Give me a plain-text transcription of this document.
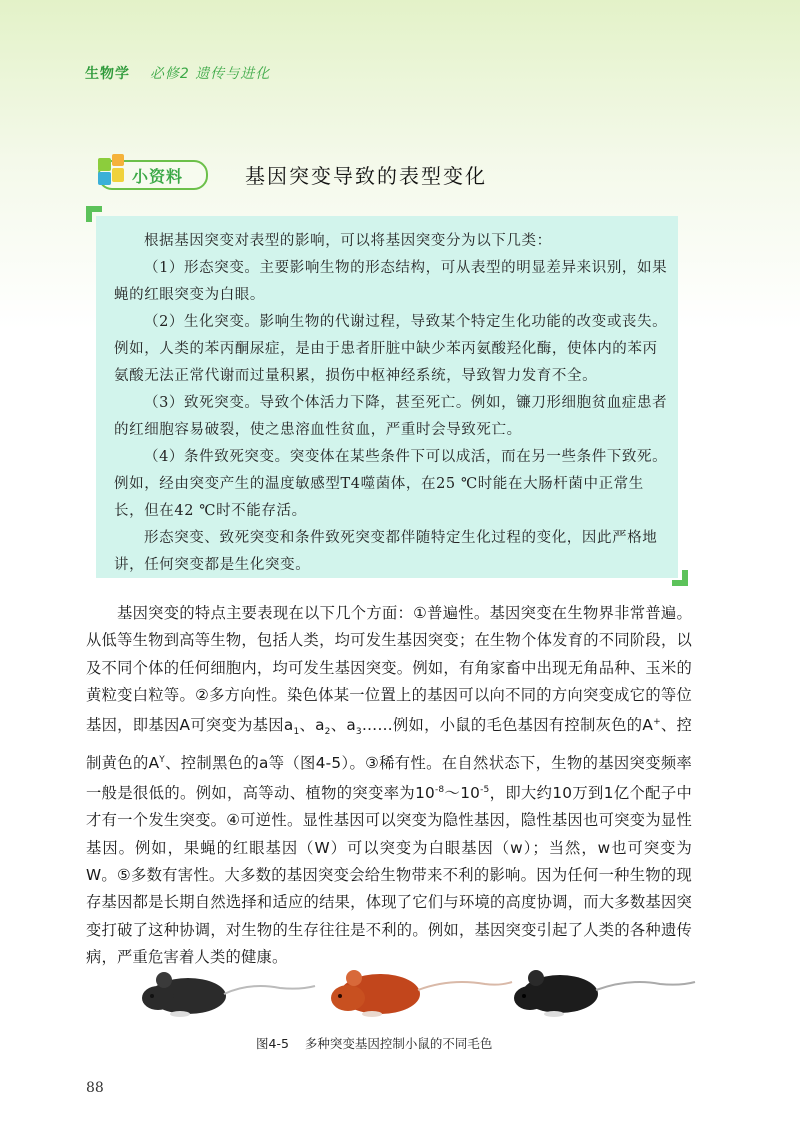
生物学 必修2 遗传与进化
小资料	基因突变导致的表型变化

根据基因突变对表型的影响，可以将基因突变分为以下几类：

（1）形态突变。主要影响生物的形态结构，可从表型的明显差异来识别，如果蝇的红眼突变为白眼。

（2）生化突变。影响生物的代谢过程，导致某个特定生化功能的改变或丧失。例如，人类的苯丙酮尿症，是由于患者肝脏中缺少苯丙氨酸羟化酶，使体内的苯丙氨酸无法正常代谢而过量积累，损伤中枢神经系统，导致智力发育不全。

（3）致死突变。导致个体活力下降，甚至死亡。例如，镰刀形细胞贫血症患者的红细胞容易破裂，使之患溶血性贫血，严重时会导致死亡。

（4）条件致死突变。突变体在某些条件下可以成活，而在另一些条件下致死。例如，经由突变产生的温度敏感型T4噬菌体，在25 ℃时能在大肠杆菌中正常生长，但在42 ℃时不能存活。

形态突变、致死突变和条件致死突变都伴随特定生化过程的变化，因此严格地讲，任何突变都是生化突变。

基因突变的特点主要表现在以下几个方面：①普遍性。基因突变在生物界非常普遍。从低等生物到高等生物，包括人类，均可发生基因突变；在生物个体发育的不同阶段，以及不同个体的任何细胞内，均可发生基因突变。例如，有角家畜中出现无角品种、玉米的黄粒变白粒等。②多方向性。染色体某一位置上的基因可以向不同的方向突变成它的等位基因，即基因A可突变为基因$a_1$、$a_2$、$a_3\dots\dots$例如，小鼠的毛色基因有控制灰色的A+、控制黄色的$A^Y$、控制黑色的a等（图4-5）。③稀有性。在自然状态下，生物的基因突变频率一般是很低的。例如，高等动、植物的突变率为$10^{-8}\sim 10^{-5}$，即大约10万到1亿个配子中才有一个发生突变。④可逆性。显性基因可以突变为隐性基因，隐性基因也可突变为显性基因。例如，果蝇的红眼基因（W）可以突变为白眼基因（w）；当然，w也可突变为W。⑤多数有害性。大多数的基因突变会给生物带来不利的影响。因为任何一种生物的现存基因都是长期自然选择和适应的结果，体现了它们与环境的高度协调，而大多数基因突变打破了这种协调，对生物的生存往往是不利的。例如，基因突变引起了人类的各种遗传病，严重危害着人类的健康。

图4-5 多种突变基因控制小鼠的不同毛色
88
